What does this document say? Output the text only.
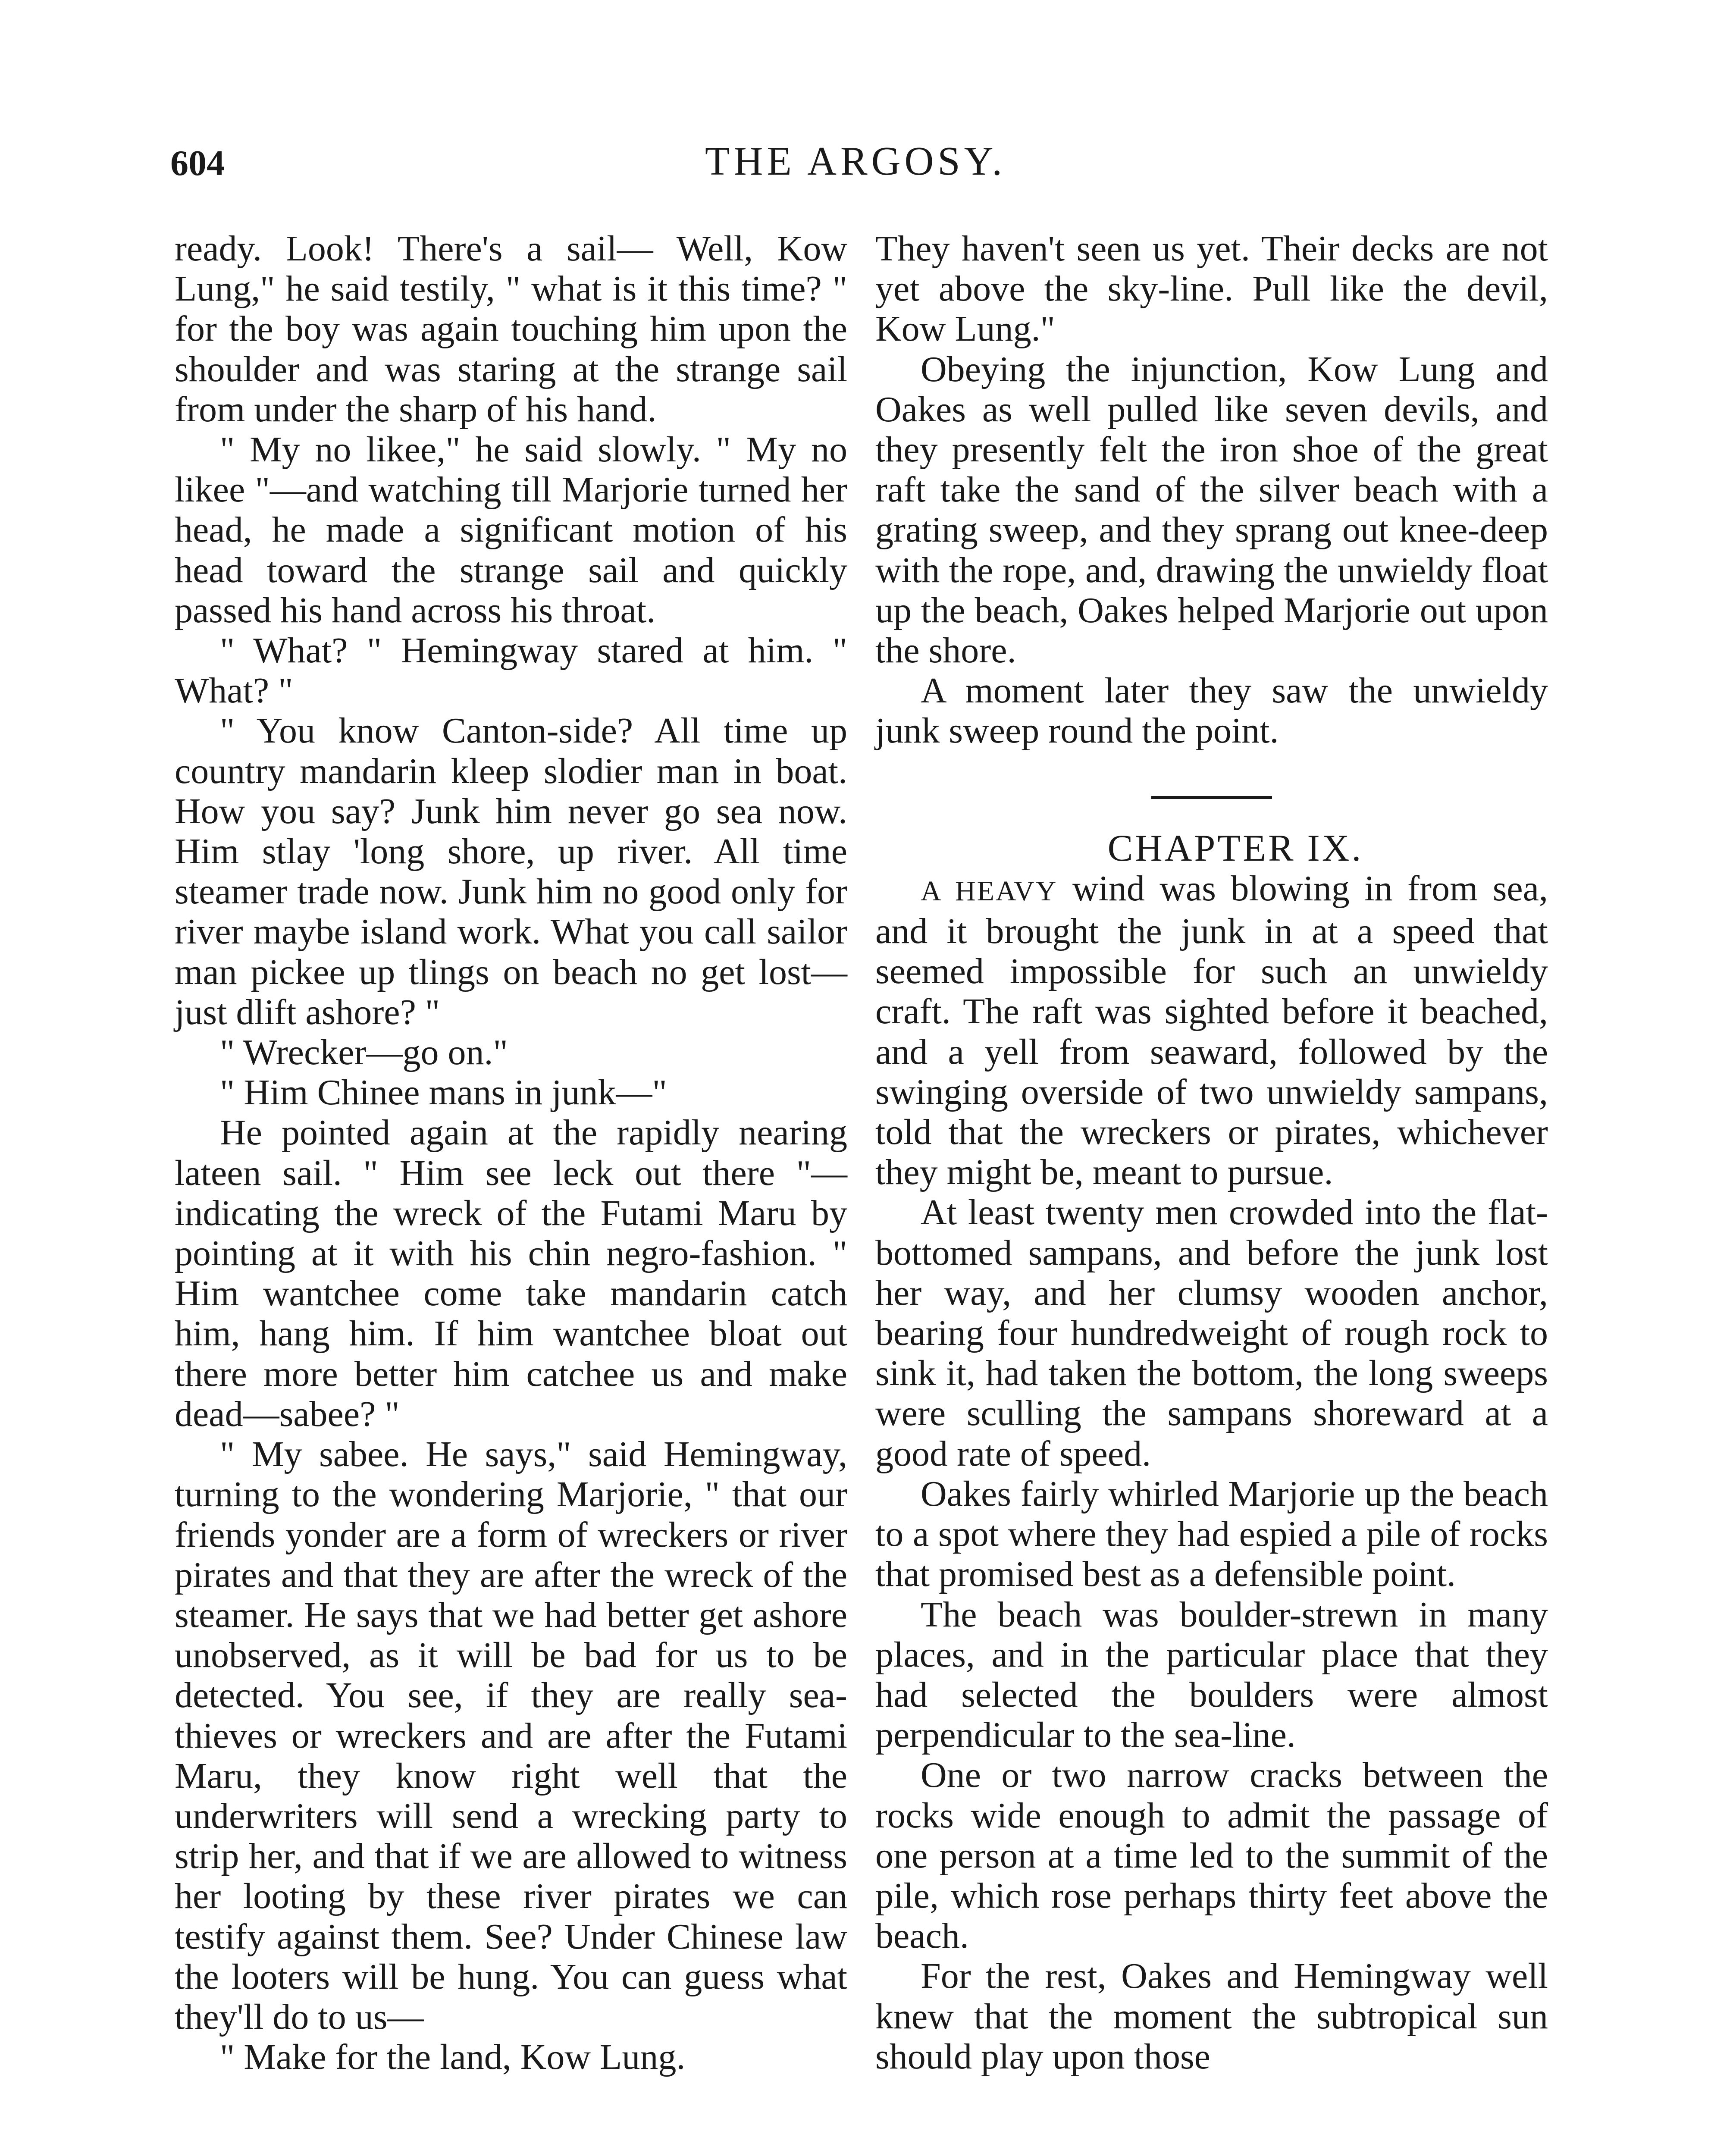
604	THE ARGOSY.

ready. Look! There's a sail— Well, Kow Lung," he said testily, " what is it this time? " for the boy was again touching him upon the shoulder and was staring at the strange sail from under the sharp of his hand.

" My no likee," he said slowly. " My no likee "—and watching till Marjorie turned her head, he made a significant motion of his head toward the strange sail and quickly passed his hand across his throat.

" What? " Hemingway stared at him. " What? "

" You know Canton-side? All time up country mandarin kleep slodier man in boat. How you say? Junk him never go sea now. Him stlay 'long shore, up river. All time steamer trade now. Junk him no good only for river maybe island work. What you call sailor man pickee up tlings on beach no get lost—just dlift ashore? "

" Wrecker—go on."

" Him Chinee mans in junk—"

He pointed again at the rapidly nearing lateen sail. " Him see leck out there "—indicating the wreck of the Futami Maru by pointing at it with his chin negro-fashion. " Him wantchee come take mandarin catch him, hang him. If him wantchee bloat out there more better him catchee us and make dead—sabee? "

" My sabee. He says," said Hemingway, turning to the wondering Marjorie, " that our friends yonder are a form of wreckers or river pirates and that they are after the wreck of the steamer. He says that we had better get ashore unobserved, as it will be bad for us to be detected. You see, if they are really sea-thieves or wreckers and are after the Futami Maru, they know right well that the underwriters will send a wrecking party to strip her, and that if we are allowed to witness her looting by these river pirates we can testify against them. See? Under Chinese law the looters will be hung. You can guess what they'll do to us—

" Make for the land, Kow Lung.

They haven't seen us yet. Their decks are not yet above the sky-line. Pull like the devil, Kow Lung."

Obeying the injunction, Kow Lung and Oakes as well pulled like seven devils, and they presently felt the iron shoe of the great raft take the sand of the silver beach with a grating sweep, and they sprang out knee-deep with the rope, and, drawing the unwieldy float up the beach, Oakes helped Marjorie out upon the shore.

A moment later they saw the unwieldy junk sweep round the point.

CHAPTER IX.

A HEAVY wind was blowing in from sea, and it brought the junk in at a speed that seemed impossible for such an unwieldy craft. The raft was sighted before it beached, and a yell from seaward, followed by the swinging overside of two unwieldy sampans, told that the wreckers or pirates, whichever they might be, meant to pursue.

At least twenty men crowded into the flat-bottomed sampans, and before the junk lost her way, and her clumsy wooden anchor, bearing four hundredweight of rough rock to sink it, had taken the bottom, the long sweeps were sculling the sampans shoreward at a good rate of speed.

Oakes fairly whirled Marjorie up the beach to a spot where they had espied a pile of rocks that promised best as a defensible point.

The beach was boulder-strewn in many places, and in the particular place that they had selected the boulders were almost perpendicular to the sea-line.

One or two narrow cracks between the rocks wide enough to admit the passage of one person at a time led to the summit of the pile, which rose perhaps thirty feet above the beach.

For the rest, Oakes and Hemingway well knew that the moment the subtropical sun should play upon those
